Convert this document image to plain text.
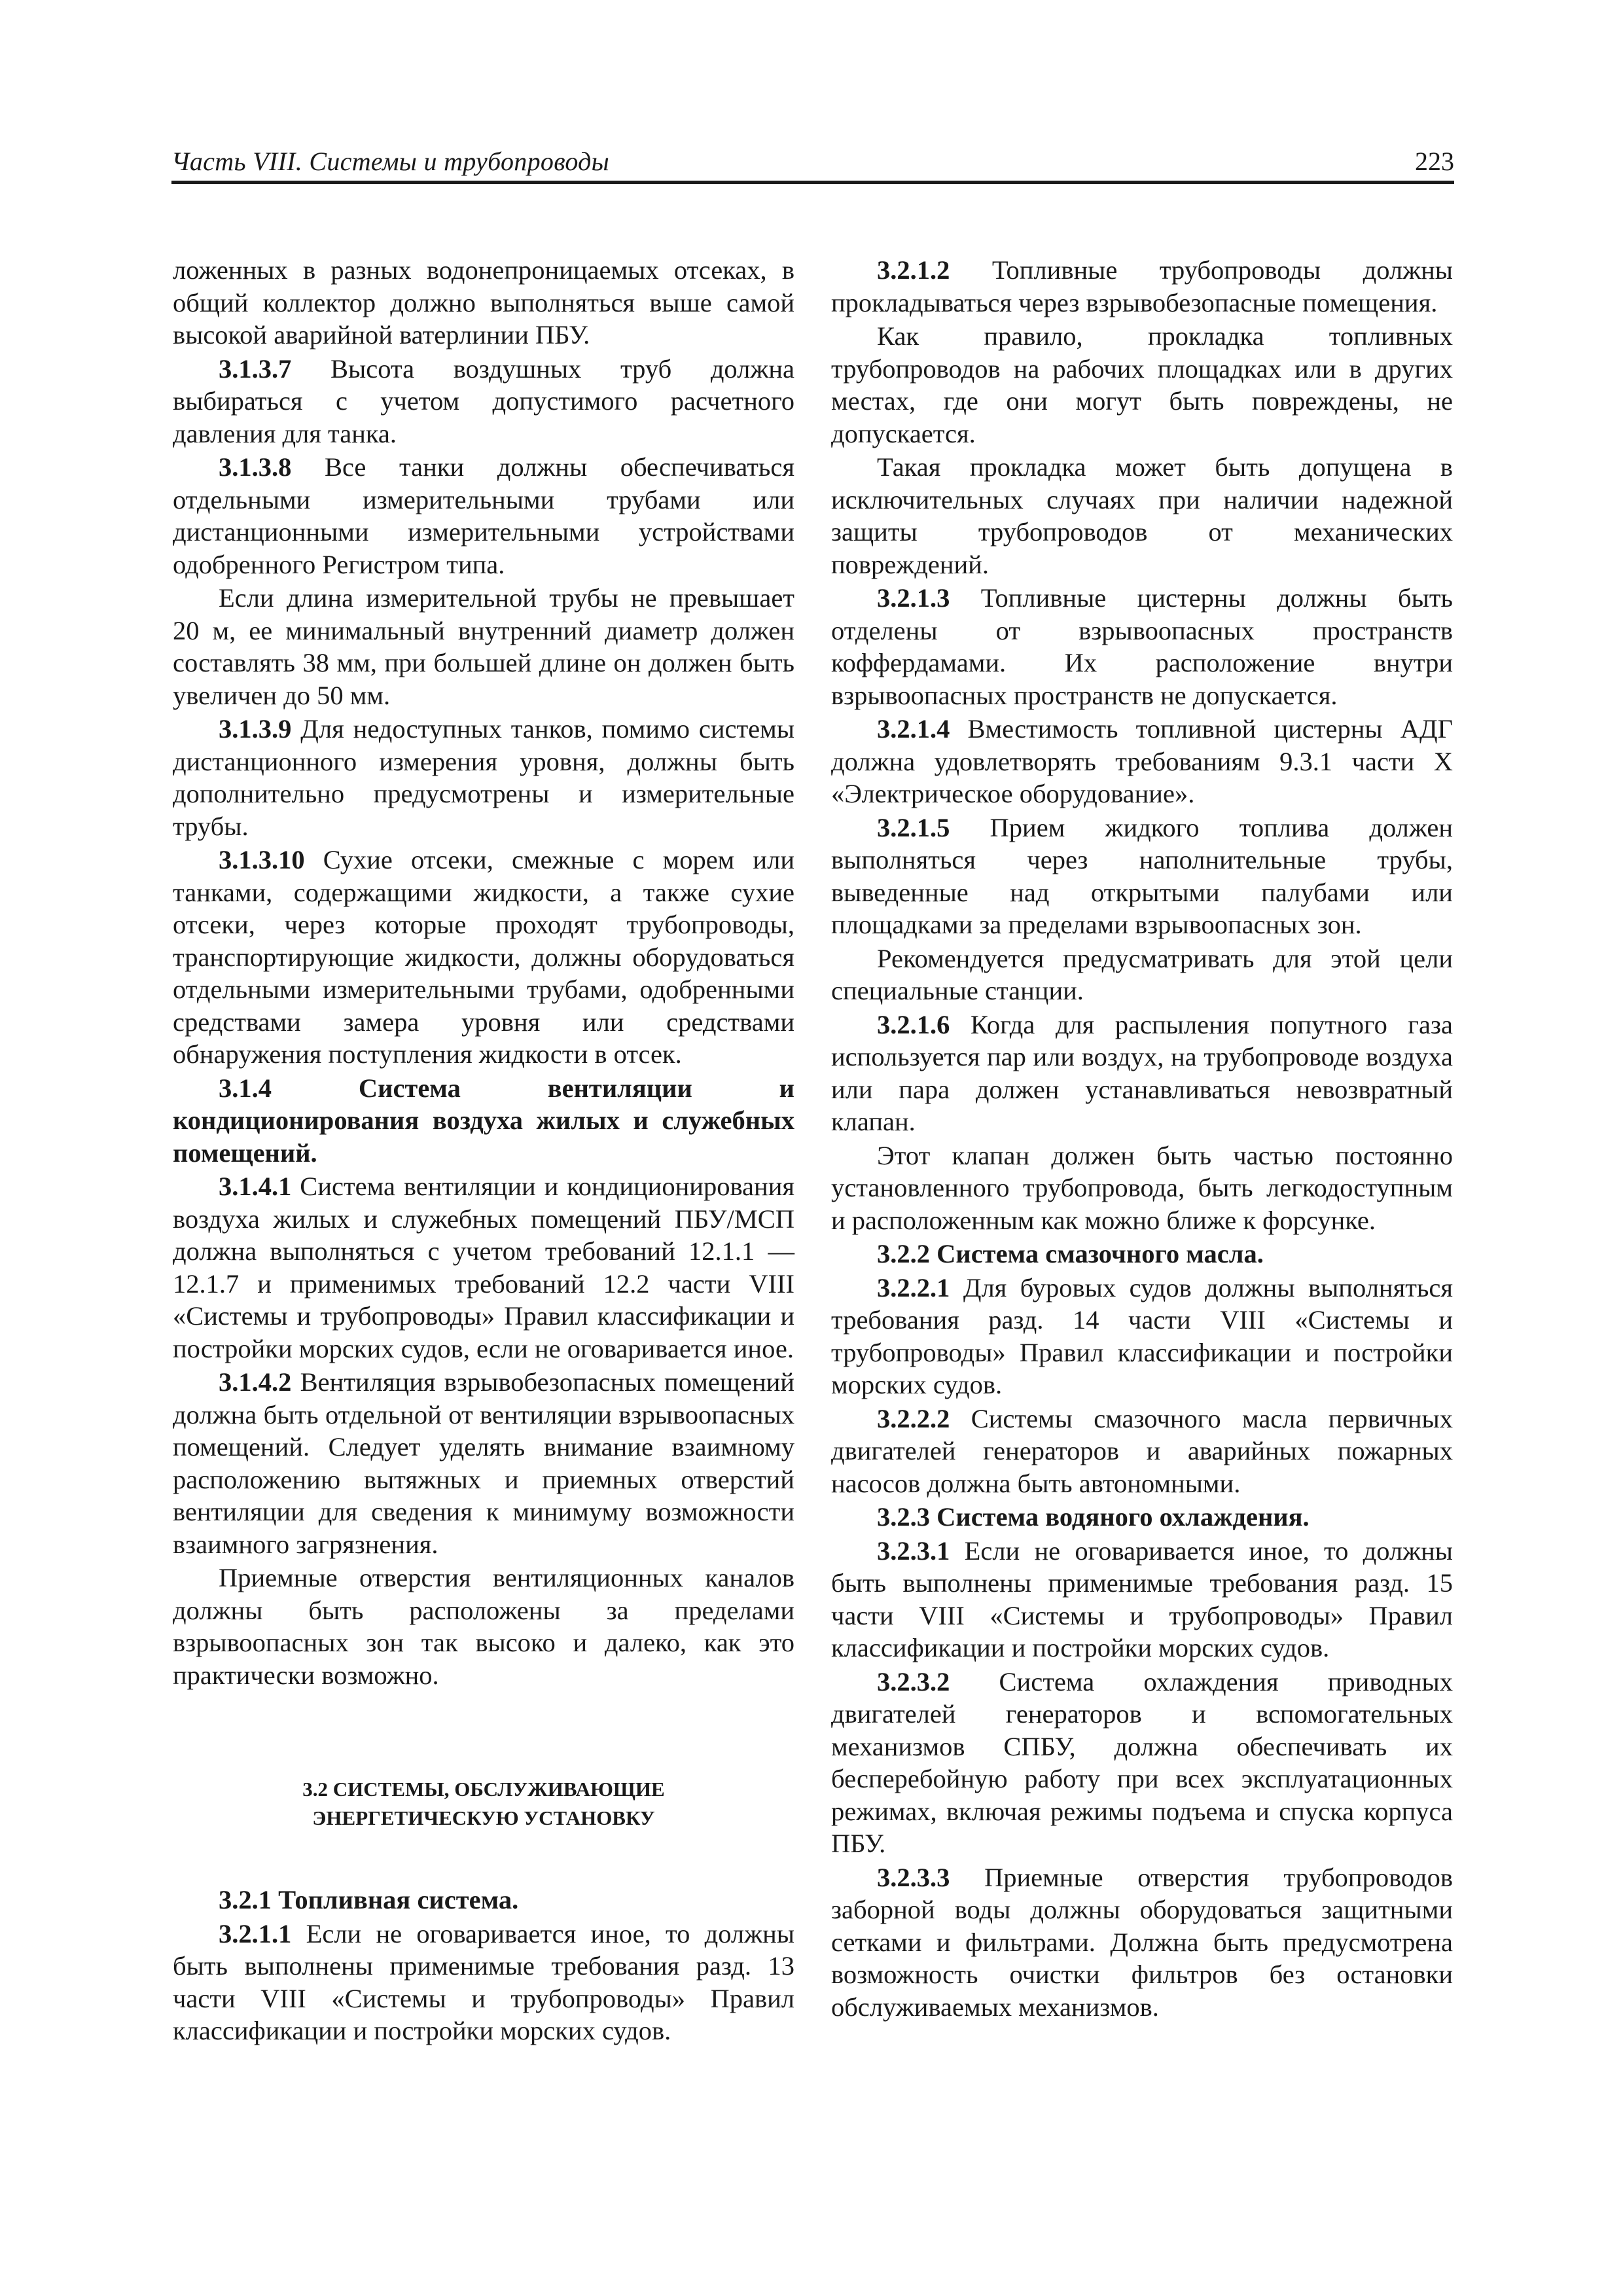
Часть VIII. Системы и трубопроводы	223

ложенных в разных водонепроницаемых отсеках, в общий коллектор должно выполняться выше самой высокой аварийной ватерлинии ПБУ.

3.1.3.7 Высота воздушных труб должна выбираться с учетом допустимого расчетного давления для танка.

3.1.3.8 Все танки должны обеспечиваться отдельными измерительными трубами или дистанционными измерительными устройствами одобренного Регистром типа.

Если длина измерительной трубы не превышает 20 м, ее минимальный внутренний диаметр должен составлять 38 мм, при большей длине он должен быть увеличен до 50 мм.

3.1.3.9 Для недоступных танков, помимо системы дистанционного измерения уровня, должны быть дополнительно предусмотрены и измерительные трубы.

3.1.3.10 Сухие отсеки, смежные с морем или танками, содержащими жидкости, а также сухие отсеки, через которые проходят трубопроводы, транспортирующие жидкости, должны оборудоваться отдельными измерительными трубами, одобренными средствами замера уровня или средствами обнаружения поступления жидкости в отсек.

3.1.4 Система вентиляции и кондиционирования воздуха жилых и служебных помещений.

3.1.4.1 Система вентиляции и кондиционирования воздуха жилых и служебных помещений ПБУ/МСП должна выполняться с учетом требований 12.1.1 — 12.1.7 и применимых требований 12.2 части VIII «Системы и трубопроводы» Правил классификации и постройки морских судов, если не оговаривается иное.

3.1.4.2 Вентиляция взрывобезопасных помещений должна быть отдельной от вентиляции взрывоопасных помещений. Следует уделять внимание взаимному расположению вытяжных и приемных отверстий вентиляции для сведения к минимуму возможности взаимного загрязнения.

Приемные отверстия вентиляционных каналов должны быть расположены за пределами взрывоопасных зон так высоко и далеко, как это практически возможно.

3.2 СИСТЕМЫ, ОБСЛУЖИВАЮЩИЕ
ЭНЕРГЕТИЧЕСКУЮ УСТАНОВКУ

3.2.1 Топливная система.

3.2.1.1 Если не оговаривается иное, то должны быть выполнены применимые требования разд. 13 части VIII «Системы и трубопроводы» Правил классификации и постройки морских судов.

3.2.1.2 Топливные трубопроводы должны прокладываться через взрывобезопасные помещения.

Как правило, прокладка топливных трубопроводов на рабочих площадках или в других местах, где они могут быть повреждены, не допускается.

Такая прокладка может быть допущена в исключительных случаях при наличии надежной защиты трубопроводов от механических повреждений.

3.2.1.3 Топливные цистерны должны быть отделены от взрывоопасных пространств коффердамами. Их расположение внутри взрывоопасных пространств не допускается.

3.2.1.4 Вместимость топливной цистерны АДГ должна удовлетворять требованиям 9.3.1 части Х «Электрическое оборудование».

3.2.1.5 Прием жидкого топлива должен выполняться через наполнительные трубы, выведенные над открытыми палубами или площадками за пределами взрывоопасных зон.

Рекомендуется предусматривать для этой цели специальные станции.

3.2.1.6 Когда для распыления попутного газа используется пар или воздух, на трубопроводе воздуха или пара должен устанавливаться невозвратный клапан.

Этот клапан должен быть частью постоянно установленного трубопровода, быть легкодоступным и расположенным как можно ближе к форсунке.

3.2.2 Система смазочного масла.

3.2.2.1 Для буровых судов должны выполняться требования разд. 14 части VIII «Системы и трубопроводы» Правил классификации и постройки морских судов.

3.2.2.2 Системы смазочного масла первичных двигателей генераторов и аварийных пожарных насосов должна быть автономными.

3.2.3 Система водяного охлаждения.

3.2.3.1 Если не оговаривается иное, то должны быть выполнены применимые требования разд. 15 части VIII «Системы и трубопроводы» Правил классификации и постройки морских судов.

3.2.3.2 Система охлаждения приводных двигателей генераторов и вспомогательных механизмов СПБУ, должна обеспечивать их бесперебойную работу при всех эксплуатационных режимах, включая режимы подъема и спуска корпуса ПБУ.

3.2.3.3 Приемные отверстия трубопроводов заборной воды должны оборудоваться защитными сетками и фильтрами. Должна быть предусмотрена возможность очистки фильтров без остановки обслуживаемых механизмов.
